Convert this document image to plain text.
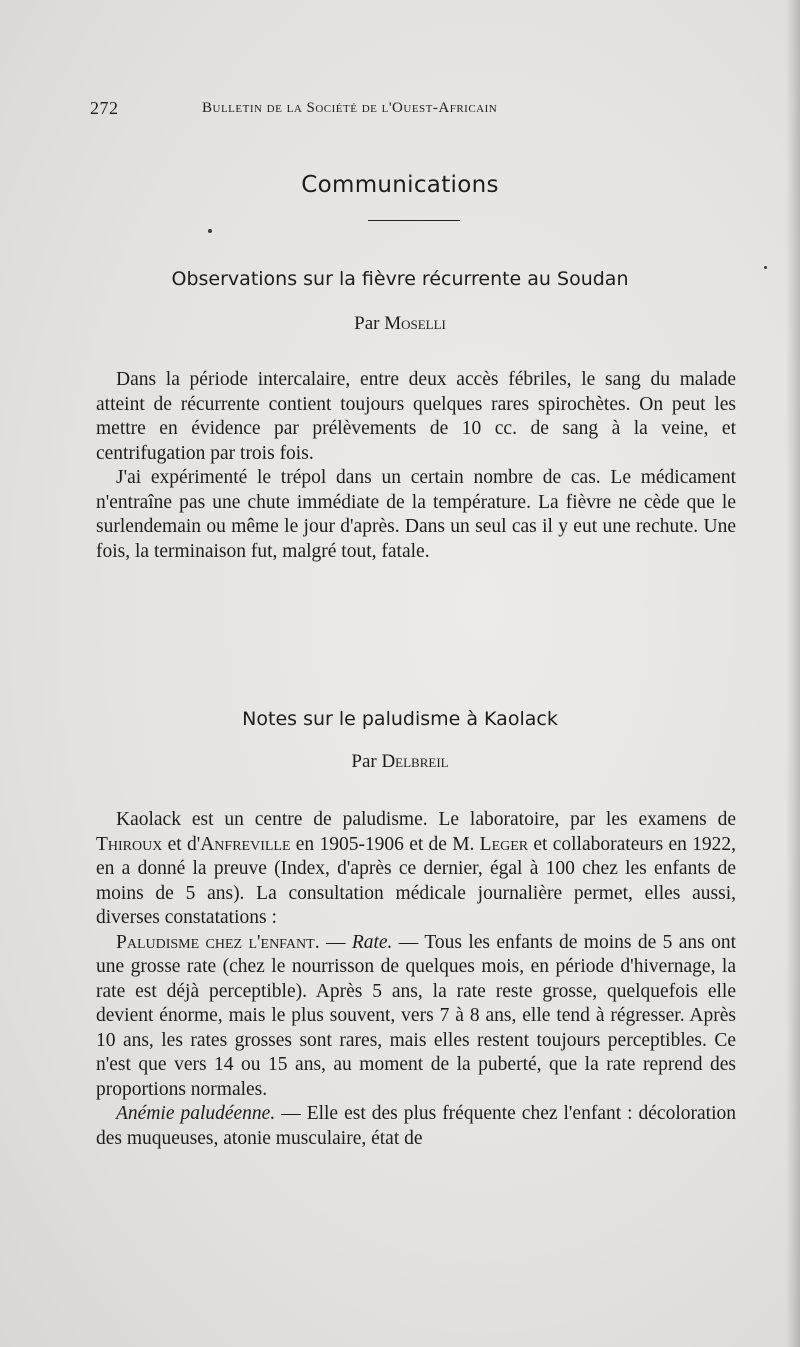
272	Bulletin de la Société de l'Ouest-Africain
Communications
Observations sur la fièvre récurrente au Soudan
Par Moselli

Dans la période intercalaire, entre deux accès fébriles, le sang du malade atteint de récurrente contient toujours quelques rares spirochètes. On peut les mettre en évidence par prélèvements de 10 cc. de sang à la veine, et centrifugation par trois fois.

J'ai expérimenté le trépol dans un certain nombre de cas. Le médicament n'entraîne pas une chute immédiate de la température. La fièvre ne cède que le surlendemain ou même le jour d'après. Dans un seul cas il y eut une rechute. Une fois, la terminaison fut, malgré tout, fatale.

Notes sur le paludisme à Kaolack
Par Delbreil

Kaolack est un centre de paludisme. Le laboratoire, par les examens de Thiroux et d'Anfreville en 1905-1906 et de M. Leger et collaborateurs en 1922, en a donné la preuve (Index, d'après ce dernier, égal à 100 chez les enfants de moins de 5 ans). La consultation médicale journalière permet, elles aussi, diverses constatations :

Paludisme chez l'enfant. — Rate. — Tous les enfants de moins de 5 ans ont une grosse rate (chez le nourrisson de quelques mois, en période d'hivernage, la rate est déjà perceptible). Après 5 ans, la rate reste grosse, quelquefois elle devient énorme, mais le plus souvent, vers 7 à 8 ans, elle tend à régresser. Après 10 ans, les rates grosses sont rares, mais elles restent toujours perceptibles. Ce n'est que vers 14 ou 15 ans, au moment de la puberté, que la rate reprend des proportions normales.

Anémie paludéenne. — Elle est des plus fréquente chez l'enfant : décoloration des muqueuses, atonie musculaire, état de
